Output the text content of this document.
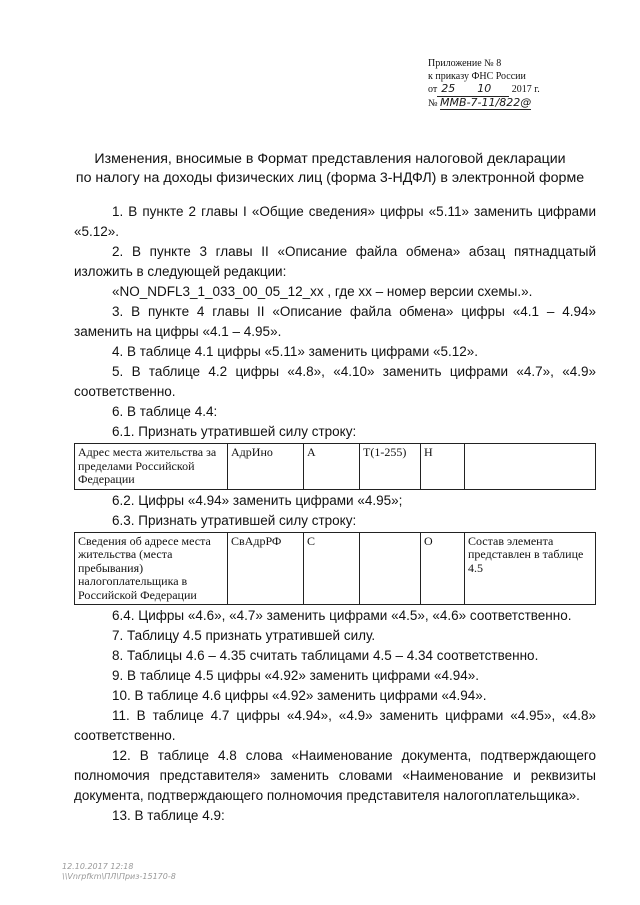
Приложение № 8
к приказу ФНС России
от 25 10 2017 г.
№ ММВ-7-11/822@
Изменения, вносимые в Формат представления налоговой декларации
по налогу на доходы физических лиц (форма 3-НДФЛ) в электронной форме

1. В пункте 2 главы I «Общие сведения» цифры «5.11» заменить цифрами «5.12».

2. В пункте 3 главы II «Описание файла обмена» абзац пятнадцатый изложить в следующей редакции:

«NO_NDFL3_1_033_00_05_12_xx , где xx – номер версии схемы.».

3. В пункте 4 главы II «Описание файла обмена» цифры «4.1 – 4.94» заменить на цифры «4.1 – 4.95».

4. В таблице 4.1 цифры «5.11» заменить цифрами «5.12».

5. В таблице 4.2 цифры «4.8», «4.10» заменить цифрами «4.7», «4.9» соответственно.

6. В таблице 4.4:

6.1. Признать утратившей силу строку:

Адрес места жительства за пределами Российской Федерации	АдрИно	А	T(1-255)	Н	

6.2. Цифры «4.94» заменить цифрами «4.95»;

6.3. Признать утратившей силу строку:

Сведения об адресе места жительства (места пребывания) налогоплательщика в Российской Федерации	СвАдрРФ	С		О	Состав элемента представлен в таблице 4.5

6.4. Цифры «4.6», «4.7» заменить цифрами «4.5», «4.6» соответственно.

7. Таблицу 4.5 признать утратившей силу.

8. Таблицы 4.6 – 4.35 считать таблицами 4.5 – 4.34 соответственно.

9. В таблице 4.5 цифры «4.92» заменить цифрами «4.94».

10. В таблице 4.6 цифры «4.92» заменить цифрами «4.94».

11. В таблице 4.7 цифры «4.94», «4.9» заменить цифрами «4.95», «4.8» соответственно.

12. В таблице 4.8 слова «Наименование документа, подтверждающего полномочия представителя» заменить словами «Наименование и реквизиты документа, подтверждающего полномочия представителя налогоплательщика».

13. В таблице 4.9:

12.10.2017 12:18
\\Vnrpfkm\ПЛ\Приз-15170-8
